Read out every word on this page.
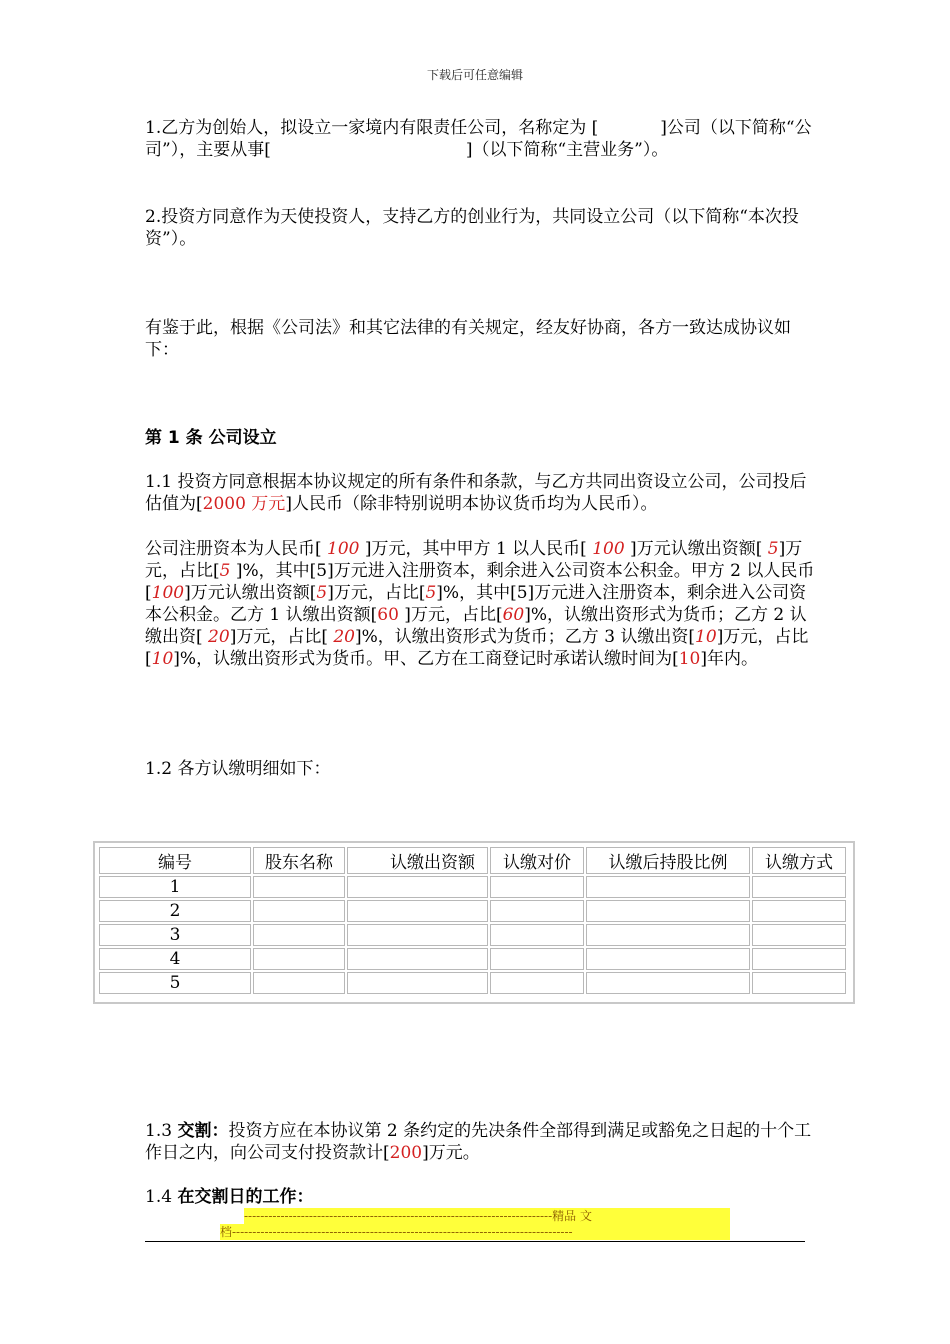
下载后可任意编辑
1.乙方为创始人，拟设立一家境内有限责任公司，名称定为 [	]公司（以下简称“公司”），主要从事[	]（以下简称“主营业务”）。
2.投资方同意作为天使投资人，支持乙方的创业行为，共同设立公司（以下简称“本次投资”）。
有鉴于此，根据《公司法》和其它法律的有关规定，经友好协商，各方一致达成协议如下：
第 1 条 公司设立
1.1 投资方同意根据本协议规定的所有条件和条款，与乙方共同出资设立公司，公司投后估值为[2000 万元]人民币（除非特别说明本协议货币均为人民币）。
公司注册资本为人民币[ 100 ]万元，其中甲方 1 以人民币[ 100 ]万元认缴出资额[ 5]万元，占比[5 ]%，其中[5]万元进入注册资本，剩余进入公司资本公积金。甲方 2 以人民币[100]万元认缴出资额[5]万元，占比[5]%，其中[5]万元进入注册资本，剩余进入公司资本公积金。乙方 1 认缴出资额[60 ]万元，占比[60]%，认缴出资形式为货币；乙方 2 认缴出资[ 20]万元，占比[ 20]%，认缴出资形式为货币；乙方 3 认缴出资[10]万元，占比[10]%，认缴出资形式为货币。甲、乙方在工商登记时承诺认缴时间为[10]年内。
1.2 各方认缴明细如下：
编号	股东名称	认缴出资额	认缴对价	认缴后持股比例	认缴方式
1					
2					
3					
4					
5					
1.3 交割：投资方应在本协议第 2 条约定的先决条件全部得到满足或豁免之日起的十个工作日之内，向公司支付投资款计[200]万元。
1.4 在交割日的工作：
----------------------------------------------------------------------------精品 文
档------------------------------------------------------------------------------------
